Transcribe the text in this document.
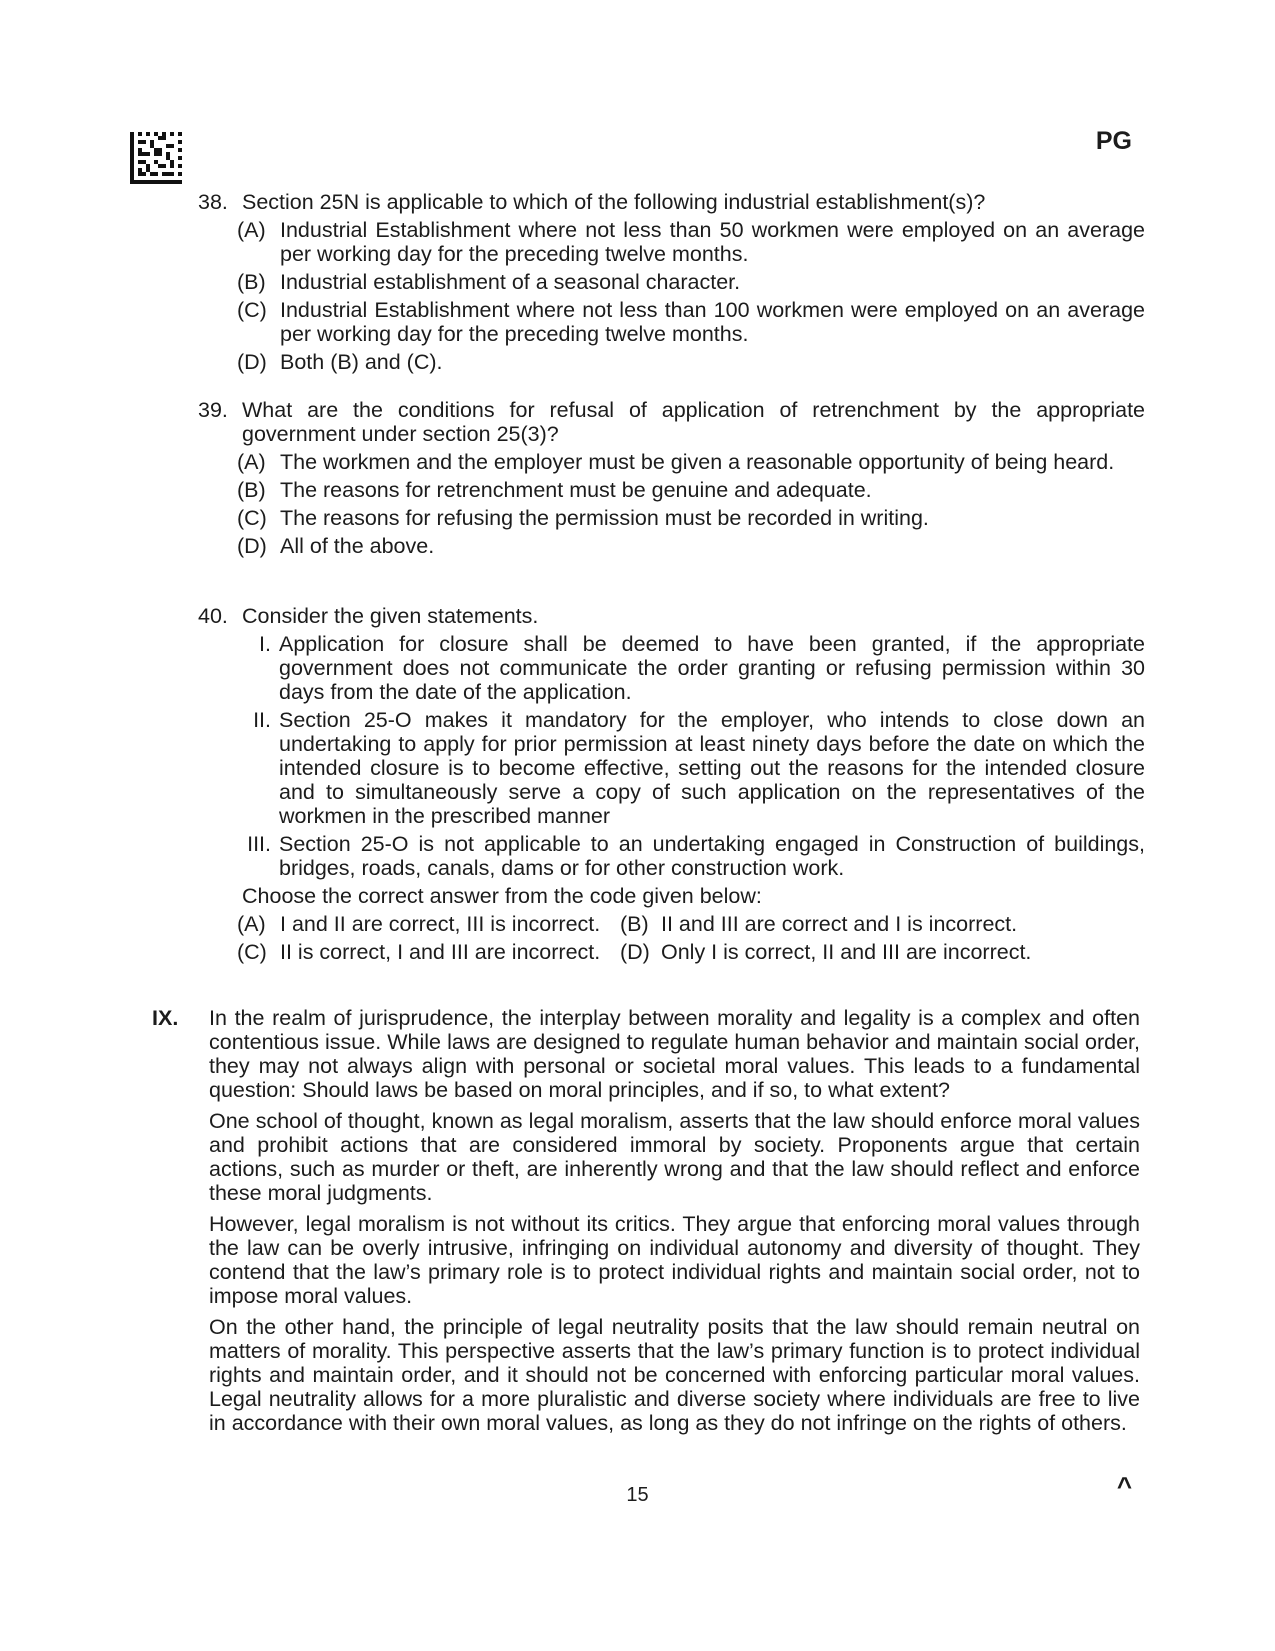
PG
38. Section 25N is applicable to which of the following industrial establishment(s)?
(A) Industrial Establishment where not less than 50 workmen were employed on an average per working day for the preceding twelve months.
(B) Industrial establishment of a seasonal character.
(C) Industrial Establishment where not less than 100 workmen were employed on an average per working day for the preceding twelve months.
(D) Both (B) and (C).
39. What are the conditions for refusal of application of retrenchment by the appropriate government under section 25(3)?
(A) The workmen and the employer must be given a reasonable opportunity of being heard.
(B) The reasons for retrenchment must be genuine and adequate.
(C) The reasons for refusing the permission must be recorded in writing.
(D) All of the above.
40. Consider the given statements.
I. Application for closure shall be deemed to have been granted, if the appropriate government does not communicate the order granting or refusing permission within 30 days from the date of the application.
II. Section 25-O makes it mandatory for the employer, who intends to close down an undertaking to apply for prior permission at least ninety days before the date on which the intended closure is to become effective, setting out the reasons for the intended closure and to simultaneously serve a copy of such application on the representatives of the workmen in the prescribed manner
III. Section 25-O is not applicable to an undertaking engaged in Construction of buildings, bridges, roads, canals, dams or for other construction work.
Choose the correct answer from the code given below:
(A) I and II are correct, III is incorrect. (B) II and III are correct and I is incorrect.
(C) II is correct, I and III are incorrect. (D) Only I is correct, II and III are incorrect.
IX. In the realm of jurisprudence, the interplay between morality and legality is a complex and often contentious issue. While laws are designed to regulate human behavior and maintain social order, they may not always align with personal or societal moral values. This leads to a fundamental question: Should laws be based on moral principles, and if so, to what extent?

One school of thought, known as legal moralism, asserts that the law should enforce moral values and prohibit actions that are considered immoral by society. Proponents argue that certain actions, such as murder or theft, are inherently wrong and that the law should reflect and enforce these moral judgments.

However, legal moralism is not without its critics. They argue that enforcing moral values through the law can be overly intrusive, infringing on individual autonomy and diversity of thought. They contend that the law’s primary role is to protect individual rights and maintain social order, not to impose moral values.

On the other hand, the principle of legal neutrality posits that the law should remain neutral on matters of morality. This perspective asserts that the law’s primary function is to protect individual rights and maintain order, and it should not be concerned with enforcing particular moral values. Legal neutrality allows for a more pluralistic and diverse society where individuals are free to live in accordance with their own moral values, as long as they do not infringe on the rights of others.

15	^
